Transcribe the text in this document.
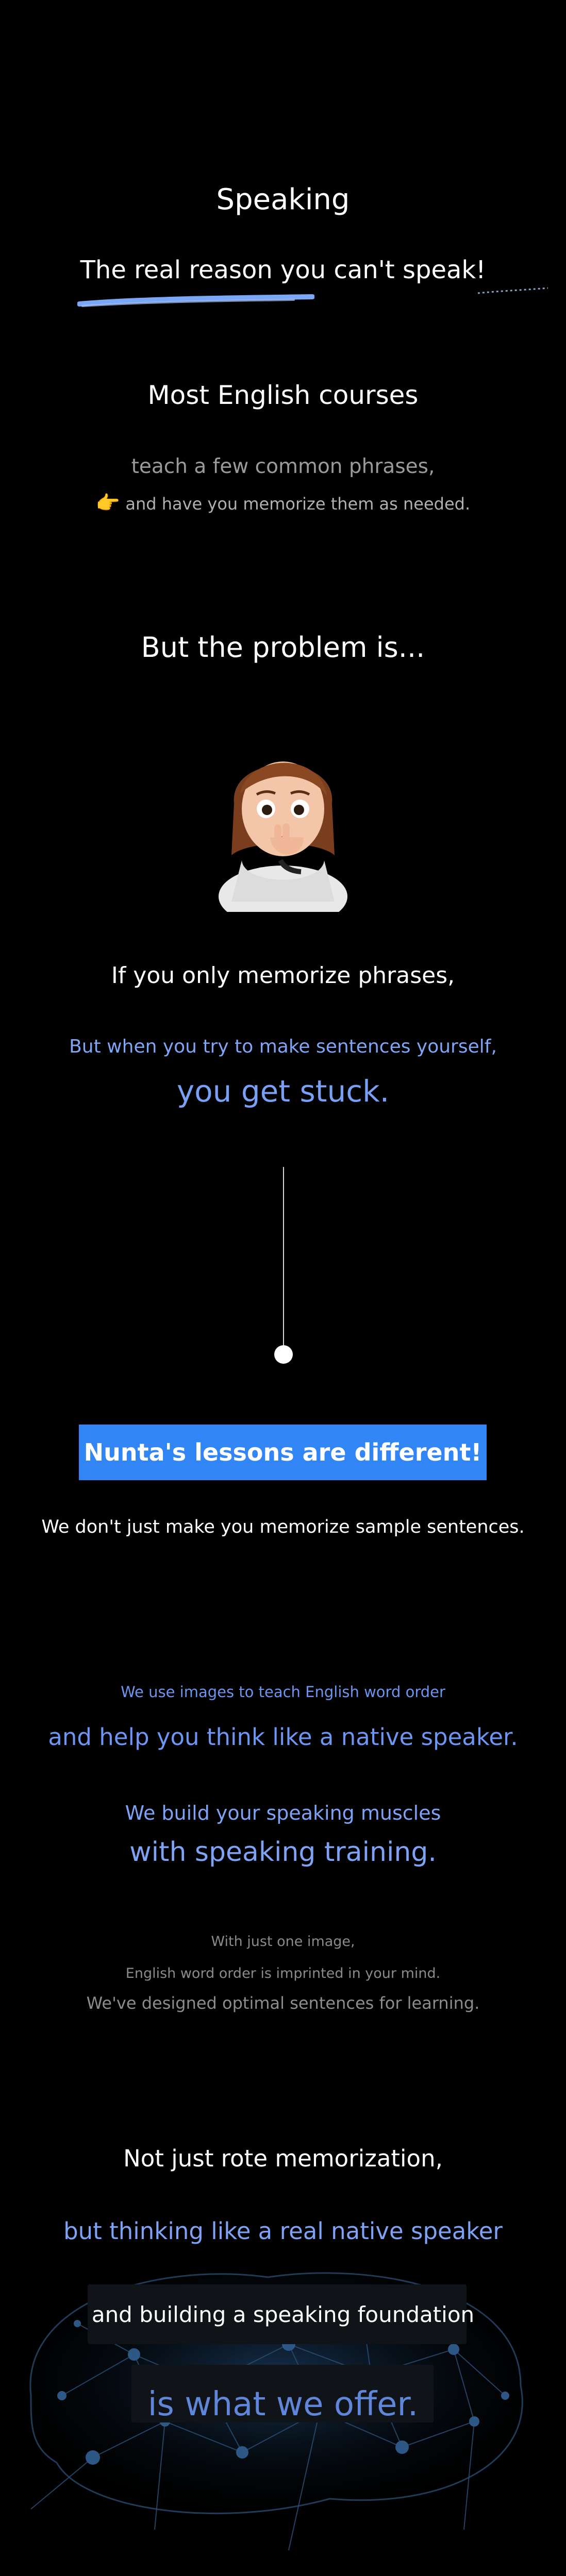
Speaking
The real reason you can't speak!
Most English courses
teach a few common phrases,
👉 and have you memorize them as needed.
But the problem is...
If you only memorize phrases,
But when you try to make sentences yourself,
you get stuck.
Nunta's lessons are different!
We don't just make you memorize sample sentences.
We use images to teach English word order
and help you think like a native speaker.
We build your speaking muscles
with speaking training.
With just one image,
English word order is imprinted in your mind.
We've designed optimal sentences for learning.
Not just rote memorization,
but thinking like a real native speaker
and building a speaking foundation
is what we offer.
